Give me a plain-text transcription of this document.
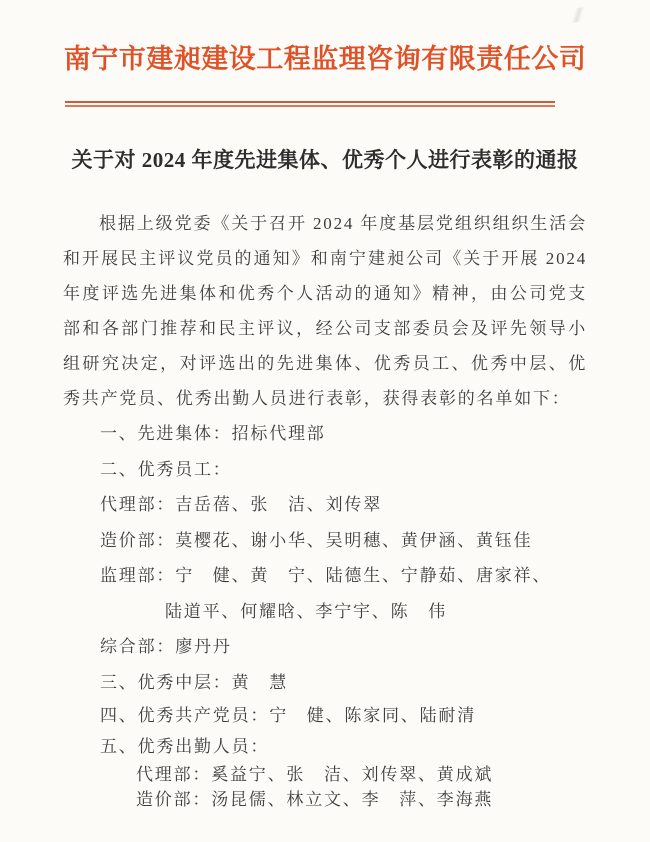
南宁市建昶建设工程监理咨询有限责任公司
关于对 2024 年度先进集体、优秀个人进行表彰的通报
根据上级党委《关于召开 2024 年度基层党组织组织生活会
和开展民主评议党员的通知》和南宁建昶公司《关于开展 2024
年度评选先进集体和优秀个人活动的通知》精神，由公司党支
部和各部门推荐和民主评议，经公司支部委员会及评先领导小
组研究决定，对评选出的先进集体、优秀员工、优秀中层、优
秀共产党员、优秀出勤人员进行表彰，获得表彰的名单如下：
一、先进集体：招标代理部
二、优秀员工：
代理部：吉岳蓓、张　洁、刘传翠
造价部：莫樱花、谢小华、吴明穗、黄伊涵、黄钰佳
监理部：宁　健、黄　宁、陆德生、宁静茹、唐家祥、
陆道平、何耀晗、李宁宇、陈　伟
综合部：廖丹丹
三、优秀中层：黄　慧
四、优秀共产党员：宁　健、陈家同、陆耐清
五、优秀出勤人员：
代理部：奚益宁、张　洁、刘传翠、黄成斌
造价部：汤昆儒、林立文、李　萍、李海燕
